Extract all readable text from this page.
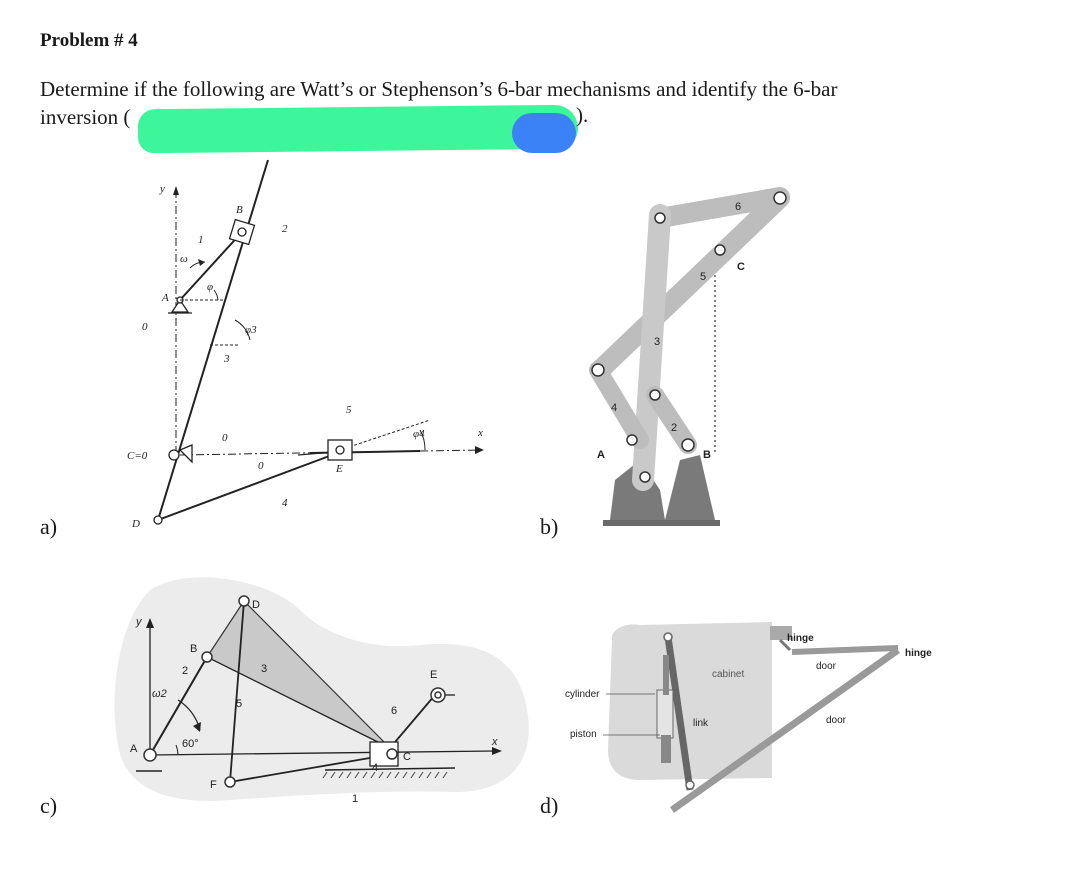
Problem # 4
Determine if the following are Watt’s or Stephenson’s 6-bar mechanisms and identify the 6-bar
inversion (	).
a)	b)
c)	d)
y
x
B
A
C=0
D
E
1
2
3
4
5
0
0
0
ω
φ
φ3
φ4
A	B
C
2
3
4
5
6
y
x
A
B
C
D
E
F
1
2	3
4
5
6
ω2
60°
hinge
hinge
door
door
cabinet
cylinder
piston
link
